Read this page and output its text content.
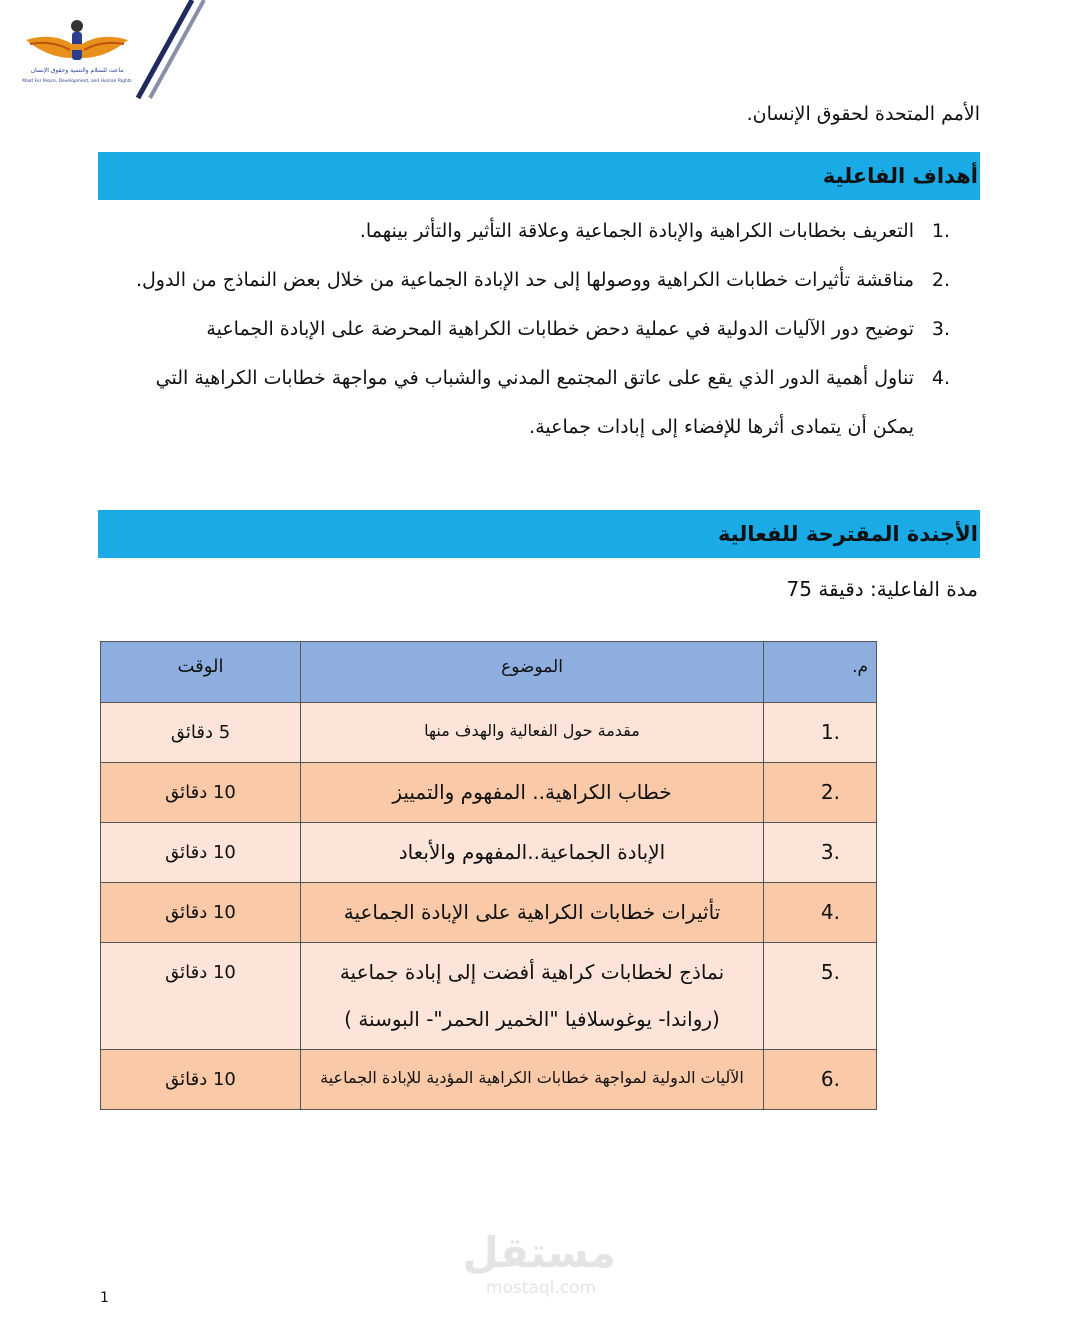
ماعت للسلام والتنمية وحقوق الإنسان
Maat For Peace, Development, and Human Rights
الأمم المتحدة لحقوق الإنسان.
أهداف الفاعلية
1.
التعريف بخطابات الكراهية والإبادة الجماعية وعلاقة التأثير والتأثر بينهما.
2.
مناقشة تأثيرات خطابات الكراهية ووصولها إلى حد الإبادة الجماعية من خلال بعض النماذج من الدول.
3.
توضيح دور الآليات الدولية في عملية دحض خطابات الكراهية المحرضة على الإبادة الجماعية
4.
تناول أهمية الدور الذي يقع على عاتق المجتمع المدني والشباب في مواجهة خطابات الكراهية التي يمكن أن يتمادى أثرها للإفضاء إلى إبادات جماعية.
الأجندة المقترحة للفعالية
مدة الفاعلية: 75 دقيقة
م.	الموضوع	الوقت
1.	مقدمة حول الفعالية والهدف منها	5 دقائق
2.	خطاب الكراهية.. المفهوم والتمييز	10 دقائق
3.	الإبادة الجماعية..المفهوم والأبعاد	10 دقائق
4.	تأثيرات خطابات الكراهية على الإبادة الجماعية	10 دقائق
5.	نماذج لخطابات كراهية أفضت إلى إبادة جماعية (رواندا- يوغوسلافيا "الخمير الحمر"- البوسنة )	10 دقائق
6.	الآليات الدولية لمواجهة خطابات الكراهية المؤدية للإبادة الجماعية	10 دقائق
مستقل
mostaql.com
1
